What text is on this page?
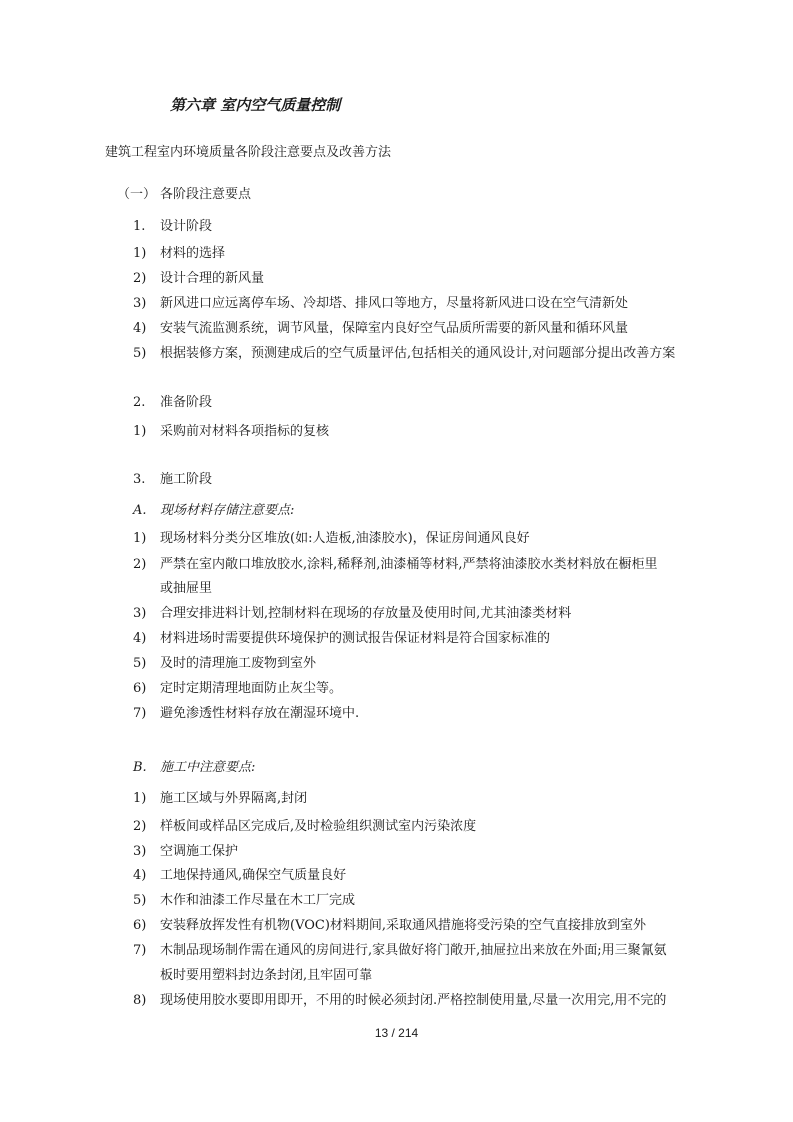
第六章 室内空气质量控制
建筑工程室内环境质量各阶段注意要点及改善方法
（一） 各阶段注意要点
1. 设计阶段
1) 材料的选择
2) 设计合理的新风量
3) 新风进口应远离停车场、冷却塔、排风口等地方，尽量将新风进口设在空气清新处
4) 安装气流监测系统，调节风量，保障室内良好空气品质所需要的新风量和循环风量
5) 根据装修方案，预测建成后的空气质量评估,包括相关的通风设计,对问题部分提出改善方案
2. 准备阶段
1) 采购前对材料各项指标的复核
3. 施工阶段
A. 现场材料存储注意要点:
1) 现场材料分类分区堆放(如:人造板,油漆胶水)，保证房间通风良好
2) 严禁在室内敞口堆放胶水,涂料,稀释剂,油漆桶等材料,严禁将油漆胶水类材料放在橱柜里
或抽屉里
3) 合理安排进料计划,控制材料在现场的存放量及使用时间,尤其油漆类材料
4) 材料进场时需要提供环境保护的测试报告保证材料是符合国家标准的
5) 及时的清理施工废物到室外
6) 定时定期清理地面防止灰尘等。
7) 避免渗透性材料存放在潮湿环境中.
B. 施工中注意要点:
1) 施工区域与外界隔离,封闭
2) 样板间或样品区完成后,及时检验组织测试室内污染浓度
3) 空调施工保护
4) 工地保持通风,确保空气质量良好
5) 木作和油漆工作尽量在木工厂完成
6) 安装释放挥发性有机物(VOC)材料期间,采取通风措施将受污染的空气直接排放到室外
7) 木制品现场制作需在通风的房间进行,家具做好将门敞开,抽屉拉出来放在外面;用三聚氰氨
板时要用塑料封边条封闭,且牢固可靠
8) 现场使用胶水要即用即开，不用的时候必须封闭.严格控制使用量,尽量一次用完,用不完的
13 / 214
